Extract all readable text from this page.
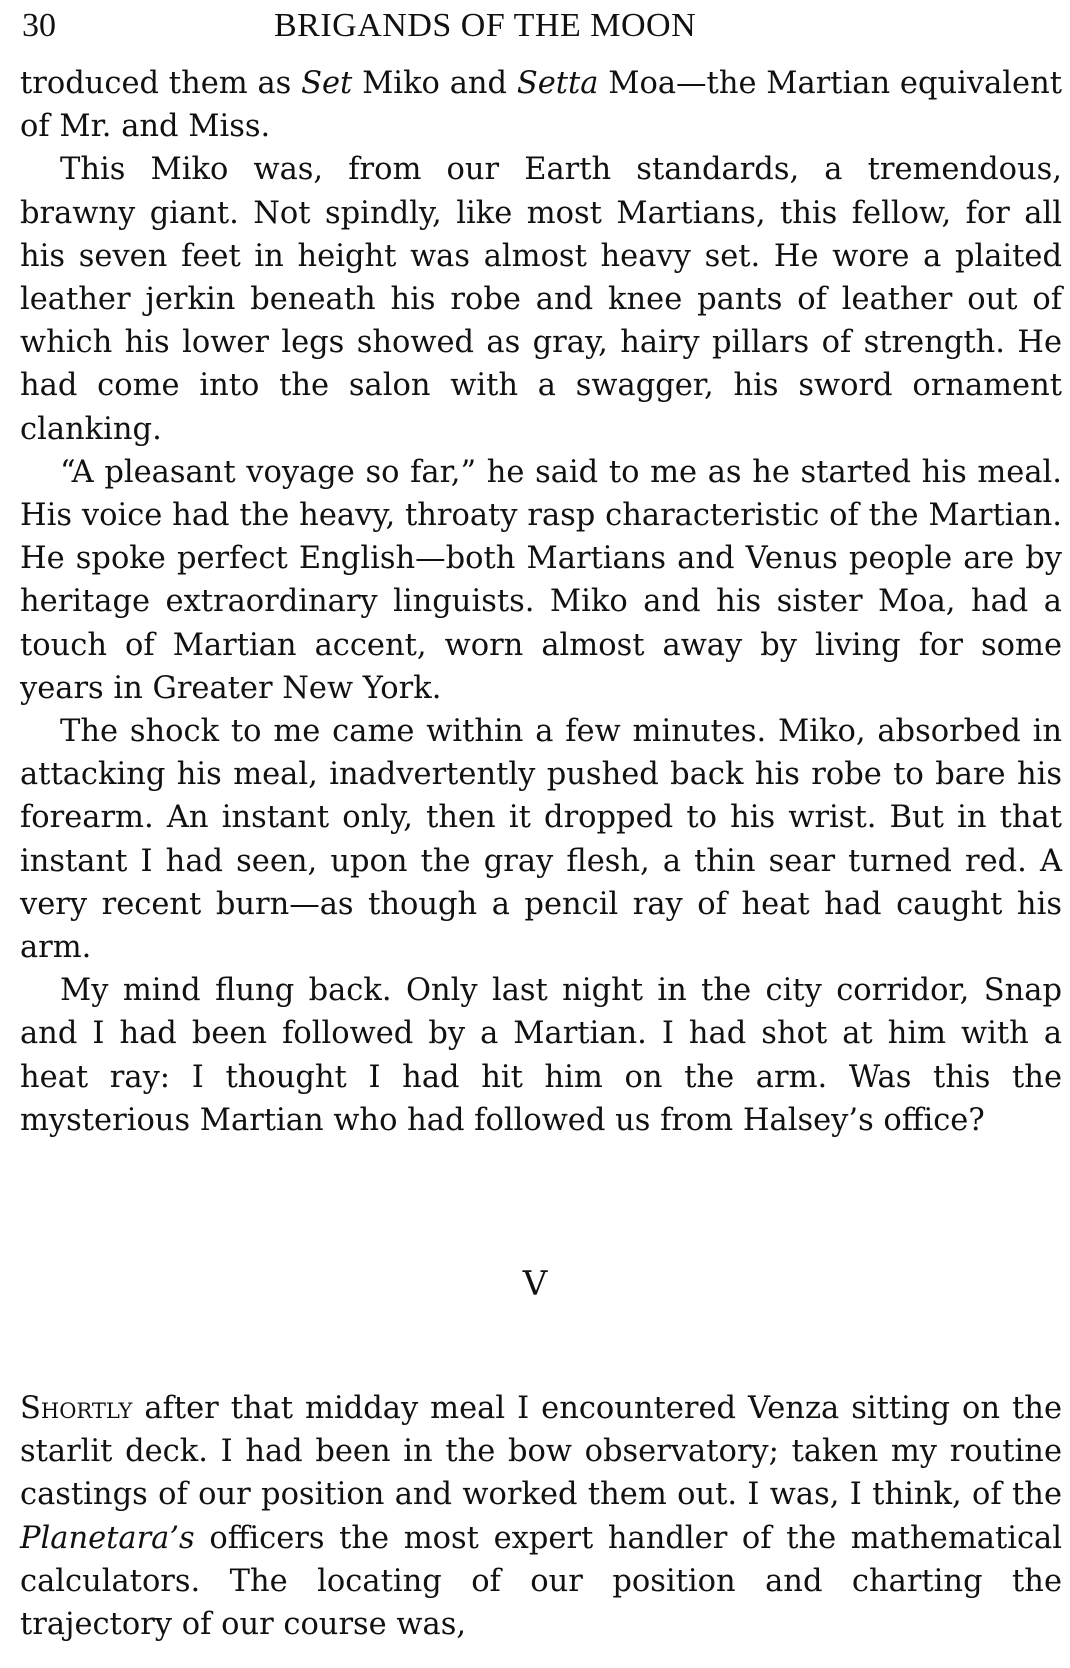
30	BRIGANDS OF THE MOON

troduced them as Set Miko and Setta Moa—the Martian equivalent of Mr. and Miss.

This Miko was, from our Earth standards, a tremendous, brawny giant. Not spindly, like most Martians, this fellow, for all his seven feet in height was almost heavy set. He wore a plaited leather jerkin beneath his robe and knee pants of leather out of which his lower legs showed as gray, hairy pillars of strength. He had come into the salon with a swagger, his sword ornament clanking.

“A pleasant voyage so far,” he said to me as he started his meal. His voice had the heavy, throaty rasp characteristic of the Martian. He spoke perfect English—both Martians and Venus people are by heritage extraordinary linguists. Miko and his sister Moa, had a touch of Martian accent, worn almost away by living for some years in Greater New York.

The shock to me came within a few minutes. Miko, absorbed in attacking his meal, inadvertently pushed back his robe to bare his forearm. An instant only, then it dropped to his wrist. But in that instant I had seen, upon the gray flesh, a thin sear turned red. A very recent burn—as though a pencil ray of heat had caught his arm.

My mind flung back. Only last night in the city corridor, Snap and I had been followed by a Martian. I had shot at him with a heat ray: I thought I had hit him on the arm. Was this the mysterious Martian who had followed us from Halsey’s office?

V

Shortly after that midday meal I encountered Venza sitting on the starlit deck. I had been in the bow observatory; taken my routine castings of our position and worked them out. I was, I think, of the Planetara’s officers the most expert handler of the mathematical calculators. The locating of our position and charting the trajectory of our course was,
